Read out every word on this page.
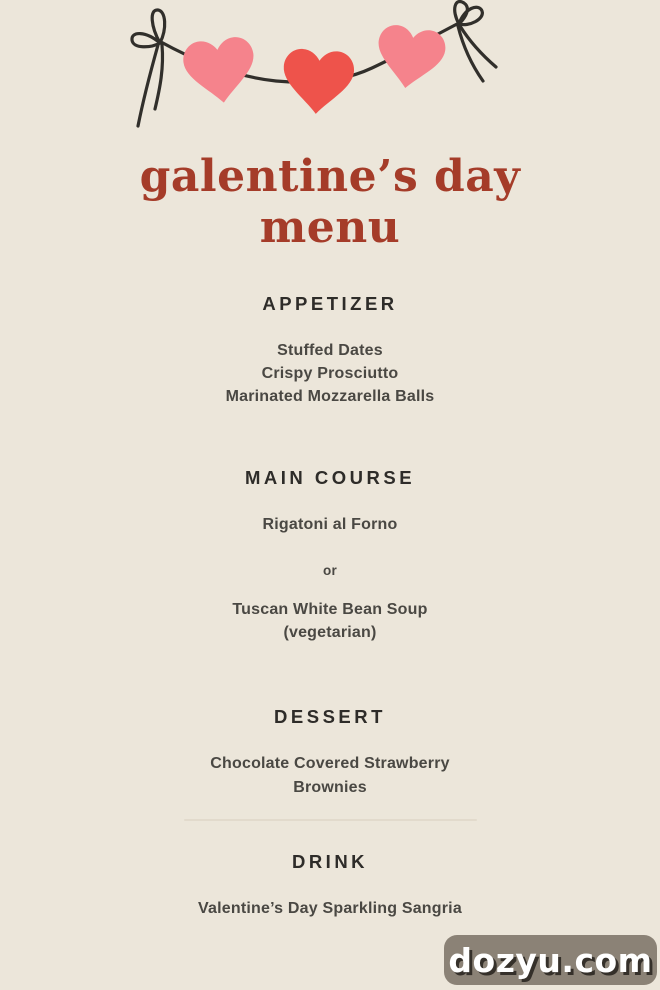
galentine’s day
menu
APPETIZER
Stuffed Dates
Crispy Prosciutto
Marinated Mozzarella Balls
MAIN COURSE
Rigatoni al Forno
or
Tuscan White Bean Soup
(vegetarian)
DESSERT
Chocolate Covered Strawberry
Brownies
DRINK
Valentine’s Day Sparkling Sangria
dozyu.com
